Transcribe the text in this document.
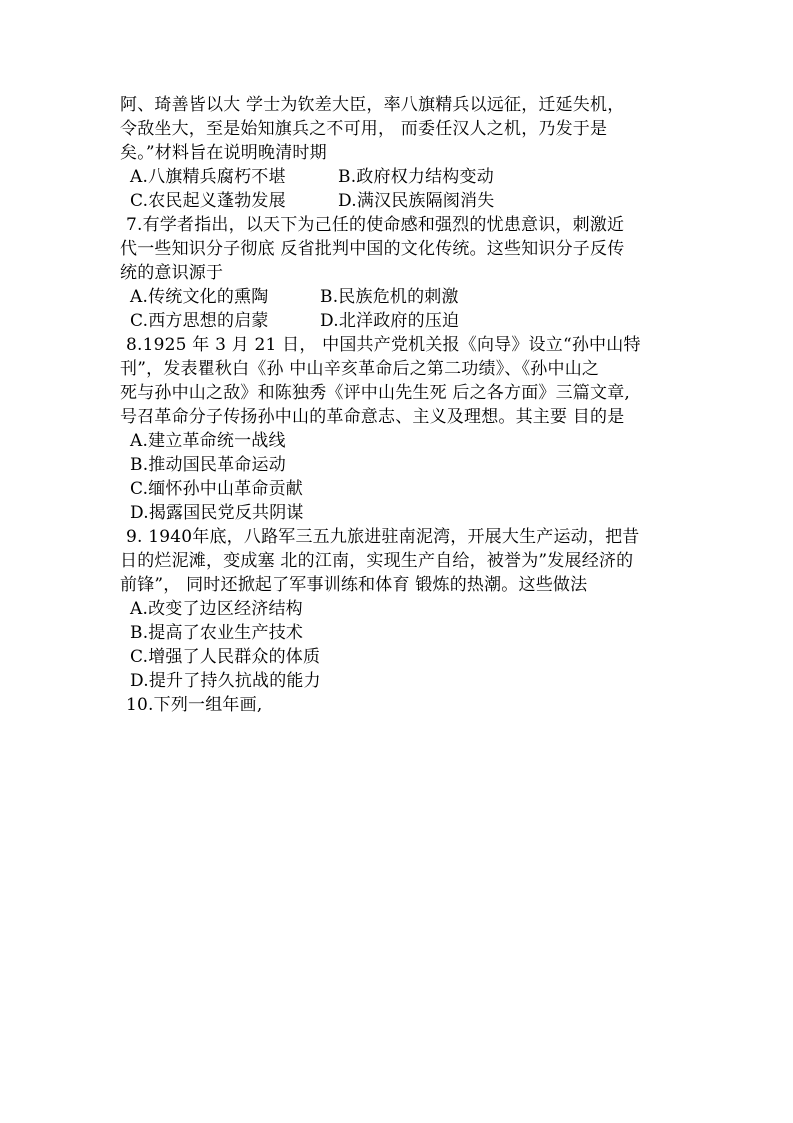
阿、琦善皆以大 学士为钦差大臣，率八旗精兵以远征，迁延失机，
令敌坐大，至是始知旗兵之不可用， 而委任汉人之机，乃发于是
矣。”材料旨在说明晚清时期
A.八旗精兵腐朽不堪	B.政府权力结构变动
C.农民起义蓬勃发展	D.满汉民族隔阂消失
7.有学者指出，以天下为己任的使命感和强烈的忧患意识，刺激近
代一些知识分子彻底 反省批判中国的文化传统。这些知识分子反传
统的意识源于
A.传统文化的熏陶	B.民族危机的刺激
C.西方思想的启蒙	D.北洋政府的压迫
8.1925 年 3 月 21 日， 中国共产党机关报《向导》设立“孙中山特
刊”，发表瞿秋白《孙 中山辛亥革命后之第二功绩》、《孙中山之
死与孙中山之敌》和陈独秀《评中山先生死 后之各方面》三篇文章,
号召革命分子传扬孙中山的革命意志、主义及理想。其主要 目的是
A.建立革命统一战线
B.推动国民革命运动
C.缅怀孙中山革命贡献
D.揭露国民党反共阴谋
9. 1940年底，八路军三五九旅进驻南泥湾，开展大生产运动，把昔
日的烂泥滩，变成塞 北的江南，实现生产自给，被誉为”发展经济的
前锋”， 同时还掀起了军事训练和体育 锻炼的热潮。这些做法
A.改变了边区经济结构
B.提高了农业生产技术
C.增强了人民群众的体质
D.提升了持久抗战的能力
10.下列一组年画,
